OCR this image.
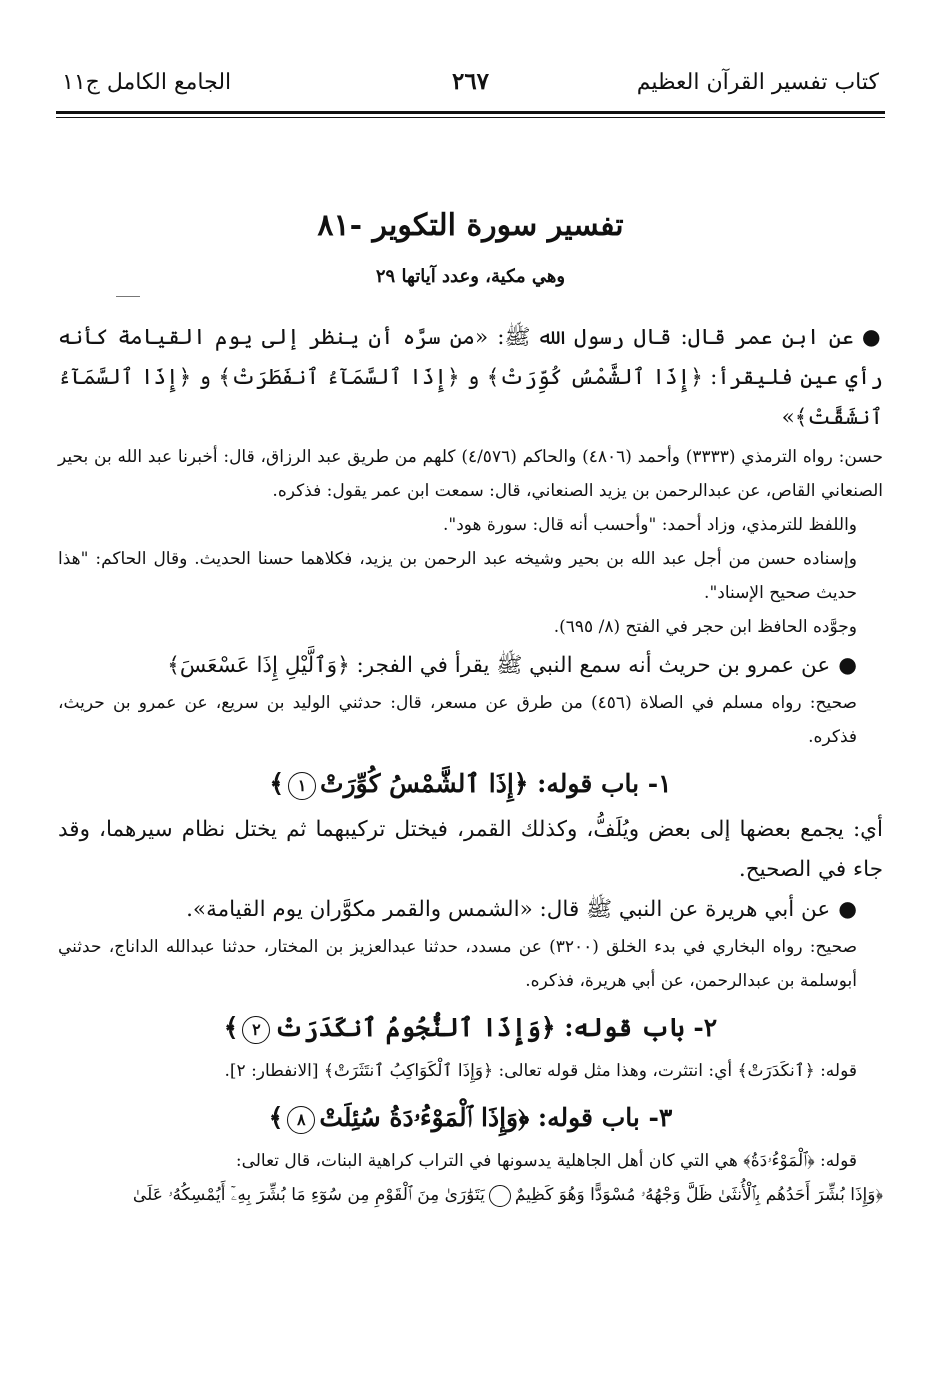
كتاب تفسير القرآن العظيم
٢٦٧
الجامع الكامل ج١١
تفسير سورة التكوير -٨١
وهي مكية، وعدد آياتها ٢٩

●عن ابن عمر قال: قال رسول الله ﷺ: «من سرَّه أن ينظر إلى يوم القيامة كأنه رأي عين فليقرأ: ﴿إِذَا ٱلشَّمْسُ كُوِّرَتْ﴾ و ﴿إِذَا ٱلسَّمَآءُ ٱنفَطَرَتْ﴾ و ﴿إِذَا ٱلسَّمَآءُ ٱنشَقَّتْ﴾»

حسن: رواه الترمذي (٣٣٣٣) وأحمد (٤٨٠٦) والحاكم (٤/٥٧٦) كلهم من طريق عبد الرزاق، قال: أخبرنا عبد الله بن بحير الصنعاني القاص، عن عبدالرحمن بن يزيد الصنعاني، قال: سمعت ابن عمر يقول: فذكره.

واللفظ للترمذي، وزاد أحمد: "وأحسب أنه قال: سورة هود".

وإسناده حسن من أجل عبد الله بن بحير وشيخه عبد الرحمن بن يزيد، فكلاهما حسنا الحديث. وقال الحاكم: "هذا حديث صحيح الإسناد".

وجوَّده الحافظ ابن حجر في الفتح (٨/ ٦٩٥).

●عن عمرو بن حريث أنه سمع النبي ﷺ يقرأ في الفجر: ﴿وَٱلَّيْلِ إِذَا عَسْعَسَ﴾

صحيح: رواه مسلم في الصلاة (٤٥٦) من طرق عن مسعر، قال: حدثني الوليد بن سريع، عن عمرو بن حريث، فذكره.

١- باب قوله: ﴿إِذَا ٱلشَّمْسُ كُوِّرَتْ١﴾

أي: يجمع بعضها إلى بعض ويُلَفُّ، وكذلك القمر، فيختل تركيبهما ثم يختل نظام سيرهما، وقد جاء في الصحيح.

●عن أبي هريرة عن النبي ﷺ قال: «الشمس والقمر مكوَّران يوم القيامة».

صحيح: رواه البخاري في بدء الخلق (٣٢٠٠) عن مسدد، حدثنا عبدالعزيز بن المختار، حدثنا عبدالله الداناج، حدثني أبوسلمة بن عبدالرحمن، عن أبي هريرة، فذكره.

٢- باب قوله: ﴿وَإِذَا ٱلنُّجُومُ ٱنكَدَرَتْ٢﴾

قوله: ﴿ٱنكَدَرَتْ﴾ أي: انتثرت، وهذا مثل قوله تعالى: ﴿وَإِذَا ٱلْكَوَاكِبُ ٱنتَثَرَتْ﴾ [الانفطار: ٢].

٣- باب قوله: ﴿وَإِذَا ٱلْمَوْءُۥدَةُ سُئِلَتْ٨﴾

قوله: ﴿ٱلْمَوْءُۥدَةُ﴾ هي التي كان أهل الجاهلية يدسونها في التراب كراهية البنات، قال تعالى:

﴿وَإِذَا بُشِّرَ أَحَدُهُم بِٱلْأُنثَىٰ ظَلَّ وَجْهُهُۥ مُسْوَدًّا وَهُوَ كَظِيمٌيَتَوَٰرَىٰ مِنَ ٱلْقَوْمِ مِن سُوٓءِ مَا بُشِّرَ بِهِۦٓ أَيُمْسِكُهُۥ عَلَىٰ
